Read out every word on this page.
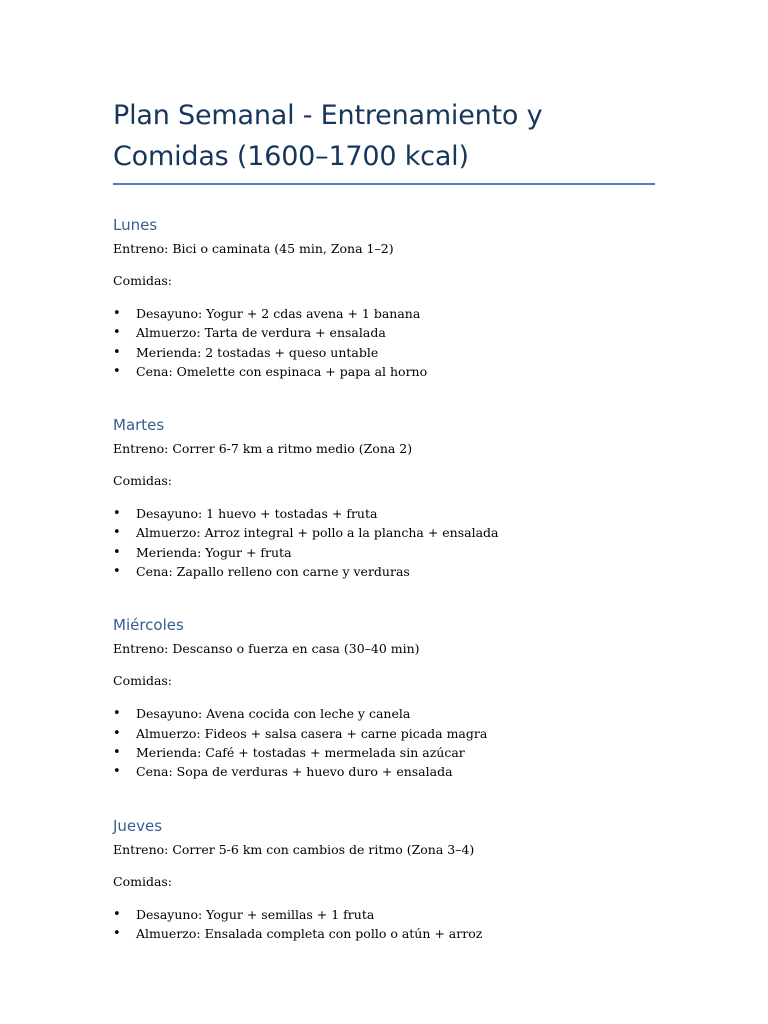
Plan Semanal - Entrenamiento y Comidas (1600–1700 kcal)
Lunes

Entreno: Bici o caminata (45 min, Zona 1–2)

Comidas:

• Desayuno: Yogur + 2 cdas avena + 1 banana
• Almuerzo: Tarta de verdura + ensalada
• Merienda: 2 tostadas + queso untable
• Cena: Omelette con espinaca + papa al horno
Martes

Entreno: Correr 6-7 km a ritmo medio (Zona 2)

Comidas:

• Desayuno: 1 huevo + tostadas + fruta
• Almuerzo: Arroz integral + pollo a la plancha + ensalada
• Merienda: Yogur + fruta
• Cena: Zapallo relleno con carne y verduras
Miércoles

Entreno: Descanso o fuerza en casa (30–40 min)

Comidas:

• Desayuno: Avena cocida con leche y canela
• Almuerzo: Fideos + salsa casera + carne picada magra
• Merienda: Café + tostadas + mermelada sin azúcar
• Cena: Sopa de verduras + huevo duro + ensalada
Jueves

Entreno: Correr 5-6 km con cambios de ritmo (Zona 3–4)

Comidas:

• Desayuno: Yogur + semillas + 1 fruta
• Almuerzo: Ensalada completa con pollo o atún + arroz
